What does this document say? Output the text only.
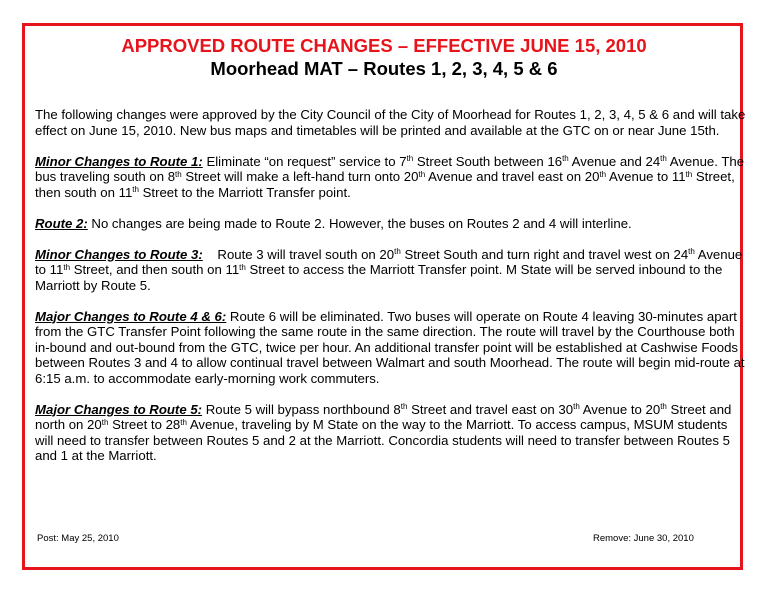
APPROVED ROUTE CHANGES – EFFECTIVE JUNE 15, 2010
Moorhead MAT – Routes 1, 2, 3, 4, 5 & 6

The following changes were approved by the City Council of the City of Moorhead for Routes 1, 2, 3, 4, 5 & 6 and will take effect on June 15, 2010. New bus maps and timetables will be printed and available at the GTC on or near June 15th.

Minor Changes to Route 1: Eliminate “on request” service to 7th Street South between 16th Avenue and 24th Avenue. The bus traveling south on 8th Street will make a left-hand turn onto 20th Avenue and travel east on 20th Avenue to 11th Street, then south on 11th Street to the Marriott Transfer point.

Route 2: No changes are being made to Route 2. However, the buses on Routes 2 and 4 will interline.

Minor Changes to Route 3:    Route 3 will travel south on 20th Street South and turn right and travel west on 24th Avenue to 11th Street, and then south on 11th Street to access the Marriott Transfer point. M State will be served inbound to the Marriott by Route 5.

Major Changes to Route 4 & 6: Route 6 will be eliminated. Two buses will operate on Route 4 leaving 30-minutes apart from the GTC Transfer Point following the same route in the same direction. The route will travel by the Courthouse both in-bound and out-bound from the GTC, twice per hour. An additional transfer point will be established at Cashwise Foods between Routes 3 and 4 to allow continual travel between Walmart and south Moorhead. The route will begin mid-route at 6:15 a.m. to accommodate early-morning work commuters.

Major Changes to Route 5: Route 5 will bypass northbound 8th Street and travel east on 30th Avenue to 20th Street and north on 20th Street to 28th Avenue, traveling by M State on the way to the Marriott. To access campus, MSUM students will need to transfer between Routes 5 and 2 at the Marriott. Concordia students will need to transfer between Routes 5 and 1 at the Marriott.

Post: May 25, 2010	Remove: June 30, 2010
